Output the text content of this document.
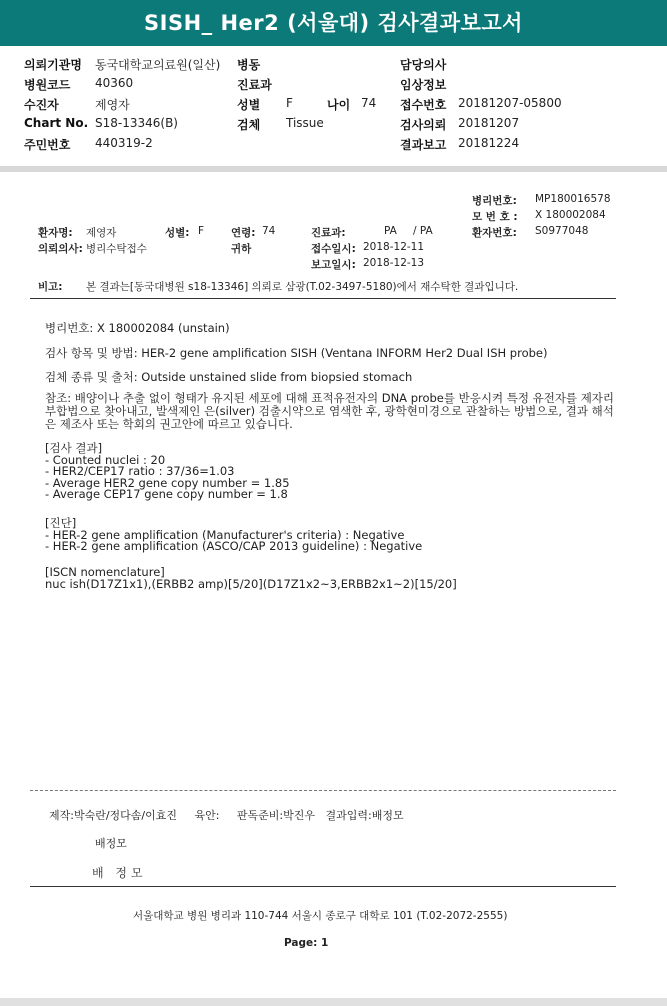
SISH_ Her2 (서울대) 검사결과보고서
의뢰기관명 동국대학교의료원(일산) 병동	담당의사
병원코드 40360	진료과	임상정보
수진자	제영자	성별 F	나이 74 접수번호 20181207-05800
Chart No. S18-13346(B)	검체 Tissue	검사의뢰 20181207
주민번호 440319-2	결과보고 20181224
병리번호: MP180016578
모 번 호 : X 180002084
환자번호: S0977048
환자명: 제영자	성별: F	연령: 74	진료과:	PA / PA
의뢰의사: 병리수탁접수	귀하	접수일시: 2018-12-11
보고일시: 2018-12-13
비고: 본 결과는[동국대병원 s18-13346] 의뢰로 삼광(T.02-3497-5180)에서 재수탁한 결과입니다.
병리번호: X 180002084 (unstain)
검사 항목 및 방법: HER-2 gene amplification SISH (Ventana INFORM Her2 Dual ISH probe)
검체 종류 및 출처: Outside unstained slide from biopsied stomach
참조: 배양이나 추출 없이 형태가 유지된 세포에 대해 표적유전자의 DNA probe를 반응시켜 특정 유전자를 제자리부합법으로 찾아내고, 발색제인 은(silver) 검출시약으로 염색한 후, 광학현미경으로 관찰하는 방법으로, 결과 해석은 제조사 또는 학회의 권고안에 따르고 있습니다.
[검사 결과]
- Counted nuclei : 20
- HER2/CEP17 ratio : 37/36=1.03
- Average HER2 gene copy number = 1.85
- Average CEP17 gene copy number = 1.8
[진단]
- HER-2 gene amplification (Manufacturer's criteria) : Negative
- HER-2 gene amplification (ASCO/CAP 2013 guideline) : Negative
[ISCN nomenclature]
nuc ish(D17Z1x1),(ERBB2 amp)[5/20](D17Z1x2~3,ERBB2x1~2)[15/20]
제작:박숙란/정다솜/이효진     육안:     판독준비:박진우   결과입력:배정모
배정모
배 정모
서울대학교 병원 병리과 110-744 서울시 종로구 대학로 101 (T.02-2072-2555)
Page: 1
